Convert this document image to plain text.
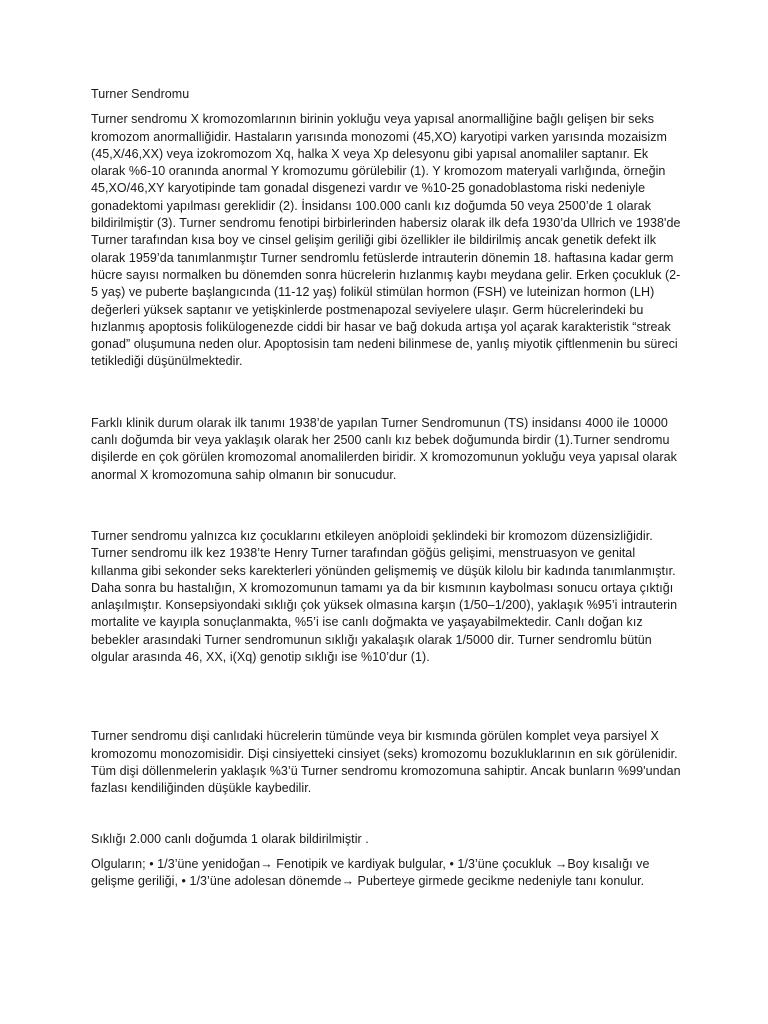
Turner Sendromu

Turner sendromu X kromozomlarının birinin yokluğu veya yapısal anormalliğine bağlı gelişen bir seks kromozom anormalliğidir. Hastaların yarısında monozomi (45,XO) karyotipi varken yarısında mozaisizm (45,X/46,XX) veya izokromozom Xq, halka X veya Xp delesyonu gibi yapısal anomaliler saptanır. Ek olarak %6-10 oranında anormal Y kromozumu görülebilir (1). Y kromozom materyali varlığında, örneğin 45,XO/46,XY karyotipinde tam gonadal disgenezi vardır ve %10-25 gonadoblastoma riski nedeniyle gonadektomi yapılması gereklidir (2). İnsidansı 100.000 canlı kız doğumda 50 veya 2500’de 1 olarak bildirilmiştir (3). Turner sendromu fenotipi birbirlerinden habersiz olarak ilk defa 1930’da Ullrich ve 1938'de Turner tarafından kısa boy ve cinsel gelişim geriliği gibi özellikler ile bildirilmiş ancak genetik defekt ilk olarak 1959’da tanımlanmıştır Turner sendromlu fetüslerde intrauterin dönemin 18. haftasına kadar germ hücre sayısı normalken bu dönemden sonra hücrelerin hızlanmış kaybı meydana gelir. Erken çocukluk (2-5 yaş) ve puberte başlangıcında (11-12 yaş) folikül stimülan hormon (FSH) ve luteinizan hormon (LH) değerleri yüksek saptanır ve yetişkinlerde postmenapozal seviyelere ulaşır. Germ hücrelerindeki bu hızlanmış apoptosis folikülogenezde ciddi bir hasar ve bağ dokuda artışa yol açarak karakteristik “streak gonad” oluşumuna neden olur. Apoptosisin tam nedeni bilinmese de, yanlış miyotik çiftlenmenin bu süreci tetiklediği düşünülmektedir.

Farklı klinik durum olarak ilk tanımı 1938’de yapılan Turner Sendromunun (TS) insidansı 4000 ile 10000 canlı doğumda bir veya yaklaşık olarak her 2500 canlı kız bebek doğumunda birdir (1).Turner sendromu dişilerde en çok görülen kromozomal anomalilerden biridir. X kromozomunun yokluğu veya yapısal olarak anormal X kromozomuna sahip olmanın bir sonucudur.

Turner sendromu yalnızca kız çocuklarını etkileyen anöploidi şeklindeki bir kromozom düzensizliğidir. Turner sendromu ilk kez 1938’te Henry Turner tarafından göğüs gelişimi, menstruasyon ve genital kıllanma gibi sekonder seks karekterleri yönünden gelişmemiş ve düşük kilolu bir kadında tanımlanmıştır. Daha sonra bu hastalığın, X kromozomunun tamamı ya da bir kısmının kaybolması sonucu ortaya çıktığı anlaşılmıştır. Konsepsiyondaki sıklığı çok yüksek olmasına karşın (1/50–1/200), yaklaşık %95’i intrauterin mortalite ve kayıpla sonuçlanmakta, %5’i ise canlı doğmakta ve yaşayabilmektedir. Canlı doğan kız bebekler arasındaki Turner sendromunun sıklığı yakalaşık olarak 1/5000 dir. Turner sendromlu bütün olgular arasında 46, XX, i(Xq) genotip sıklığı ise %10’dur (1).

Turner sendromu dişi canlıdaki hücrelerin tümünde veya bir kısmında görülen komplet veya parsiyel X kromozomu monozomisidir. Dişi cinsiyetteki cinsiyet (seks) kromozomu bozukluklarının en sık görülenidir. Tüm dişi döllenmelerin yaklaşık %3’ü Turner sendromu kromozomuna sahiptir. Ancak bunların %99'undan fazlası kendiliğinden düşükle kaybedilir.

Sıklığı 2.000 canlı doğumda 1 olarak bildirilmiştir .

Olguların; • 1/3’üne yenidoğan→ Fenotipik ve kardiyak bulgular, • 1/3’üne çocukluk →Boy kısalığı ve gelişme geriliği, • 1/3’üne adolesan dönemde→ Puberteye girmede gecikme nedeniyle tanı konulur.
